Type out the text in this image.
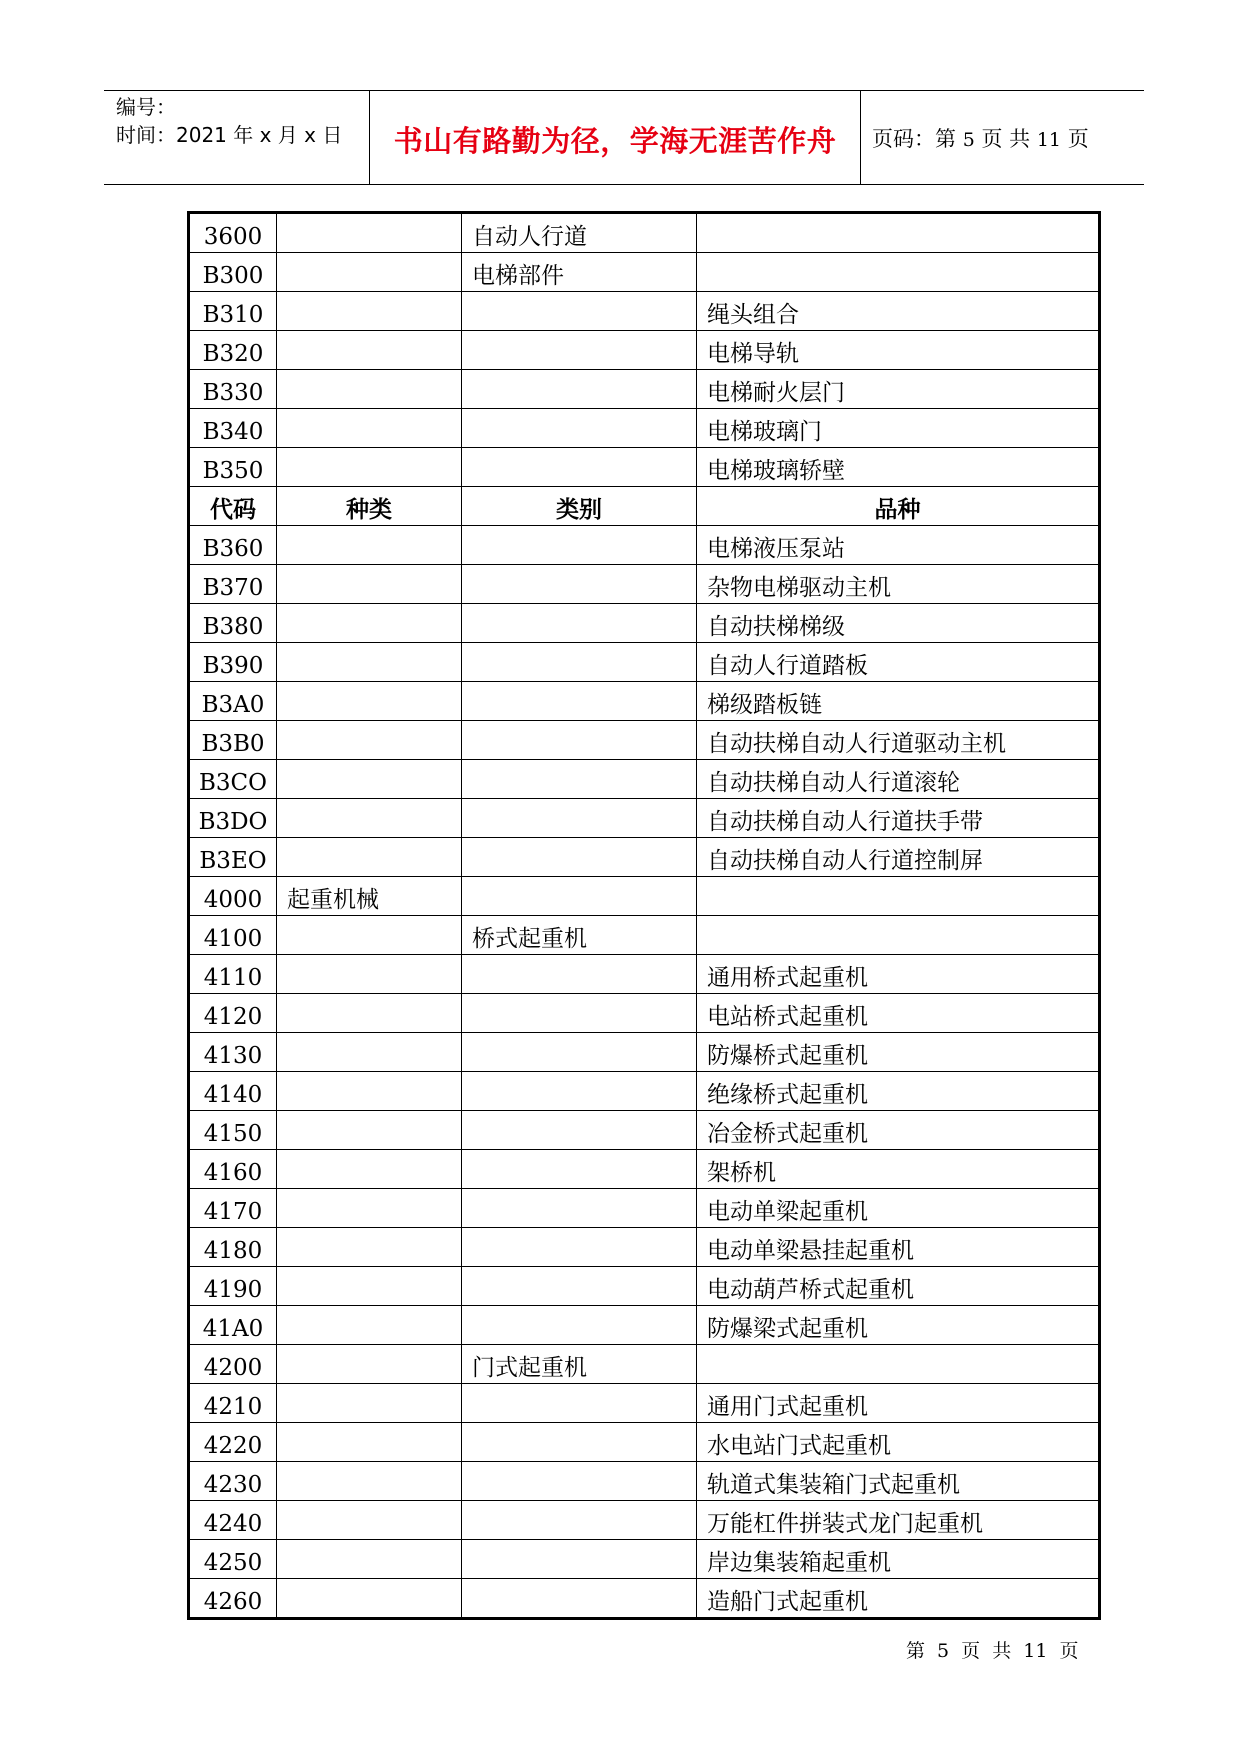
编号：
时间：2021 年 x 月 x 日	书山有路勤为径，学海无涯苦作舟	页码：第 5 页 共 11 页
3600		自动人行道	
B300		电梯部件	
B310			绳头组合
B320			电梯导轨
B330			电梯耐火层门
B340			电梯玻璃门
B350			电梯玻璃轿壁
代码	种类	类别	品种
B360			电梯液压泵站
B370			杂物电梯驱动主机
B380			自动扶梯梯级
B390			自动人行道踏板
B3A0			梯级踏板链
B3B0			自动扶梯自动人行道驱动主机
B3CO			自动扶梯自动人行道滚轮
B3DO			自动扶梯自动人行道扶手带
B3EO			自动扶梯自动人行道控制屏
4000	起重机械		
4100		桥式起重机	
4110			通用桥式起重机
4120			电站桥式起重机
4130			防爆桥式起重机
4140			绝缘桥式起重机
4150			冶金桥式起重机
4160			架桥机
4170			电动单梁起重机
4180			电动单梁悬挂起重机
4190			电动葫芦桥式起重机
41A0			防爆梁式起重机
4200		门式起重机	
4210			通用门式起重机
4220			水电站门式起重机
4230			轨道式集装箱门式起重机
4240			万能杠件拼装式龙门起重机
4250			岸边集装箱起重机
4260			造船门式起重机
第 5 页 共 11 页
